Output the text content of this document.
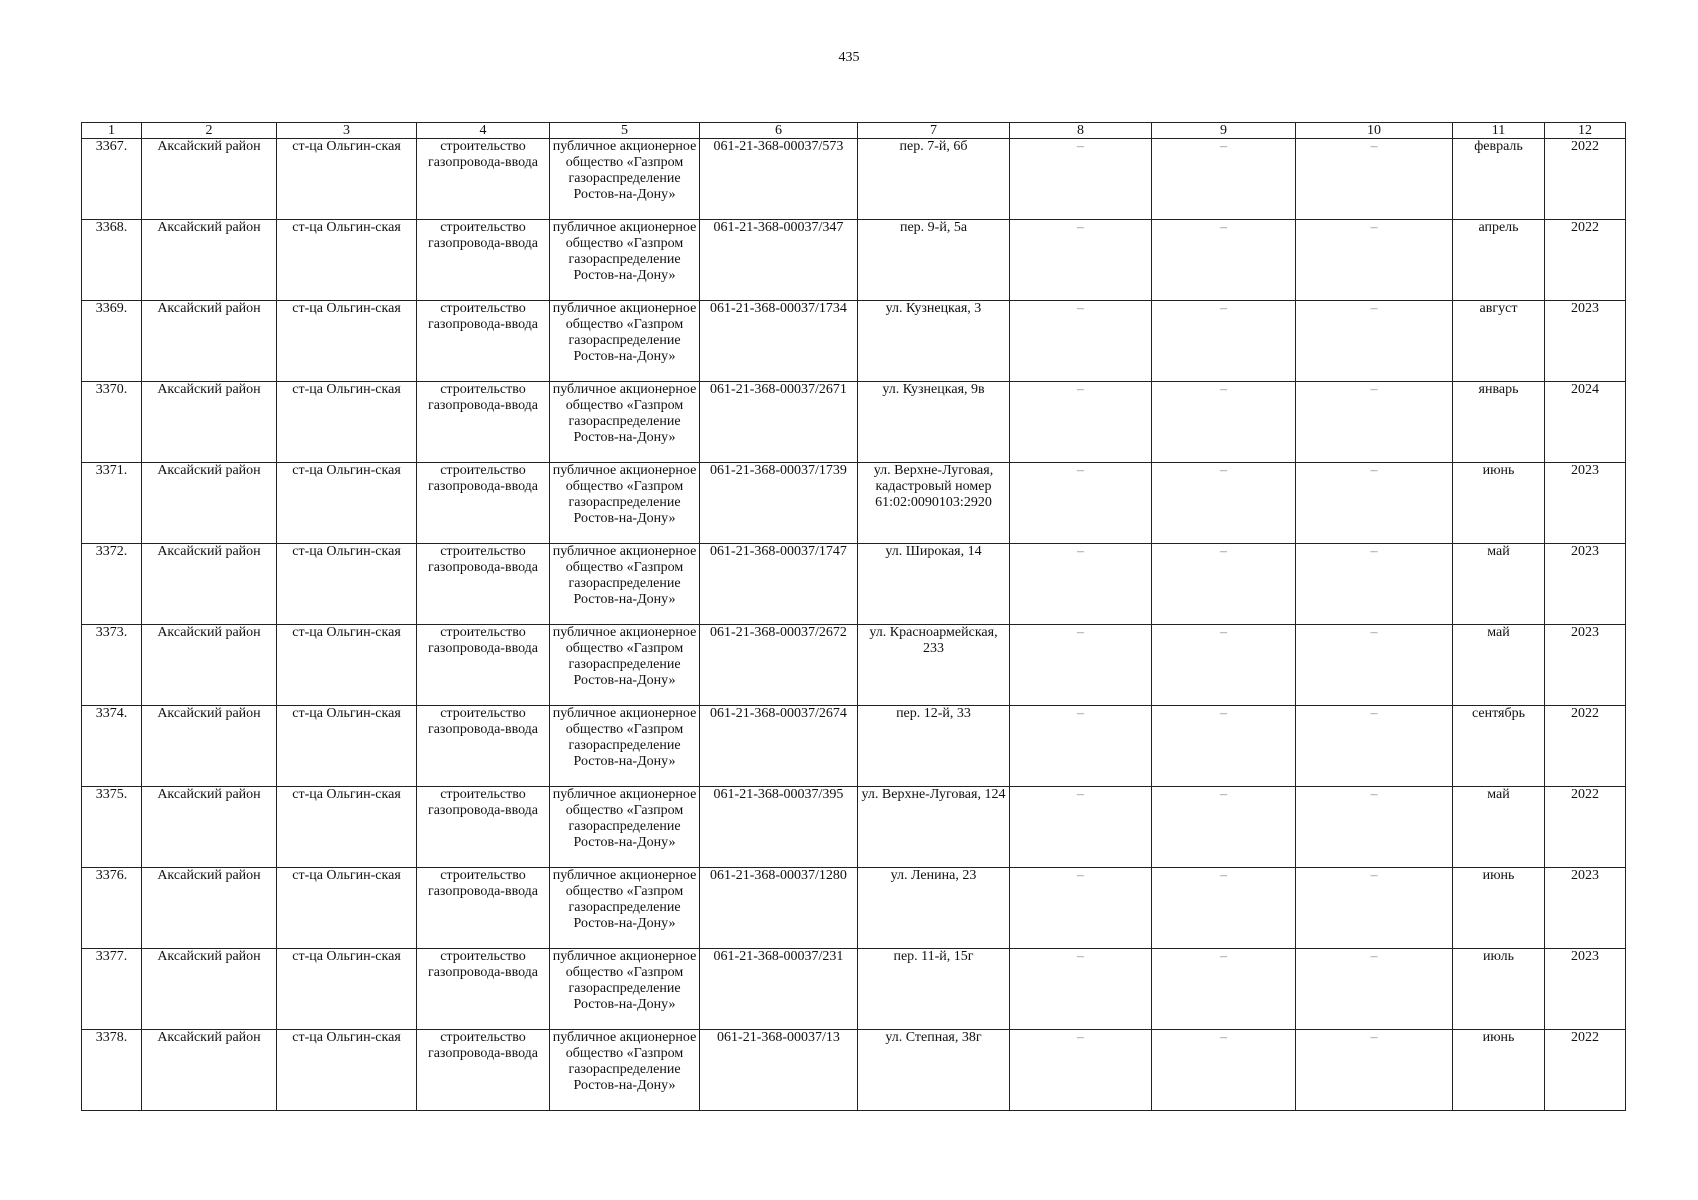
435
1	2	3	4	5	6	7	8	9	10	11	12
3367.	Аксайский район	ст-ца Ольгин-ская	строительство газопровода-ввода	публичное акционерное общество «Газпром газораспределение Ростов-на-Дону»	061-21-368-00037/573	пер. 7-й, 6б	–	–	–	февраль	2022
3368.	Аксайский район	ст-ца Ольгин-ская	строительство газопровода-ввода	публичное акционерное общество «Газпром газораспределение Ростов-на-Дону»	061-21-368-00037/347	пер. 9-й, 5а	–	–	–	апрель	2022
3369.	Аксайский район	ст-ца Ольгин-ская	строительство газопровода-ввода	публичное акционерное общество «Газпром газораспределение Ростов-на-Дону»	061-21-368-00037/1734	ул. Кузнецкая, 3	–	–	–	август	2023
3370.	Аксайский район	ст-ца Ольгин-ская	строительство газопровода-ввода	публичное акционерное общество «Газпром газораспределение Ростов-на-Дону»	061-21-368-00037/2671	ул. Кузнецкая, 9в	–	–	–	январь	2024
3371.	Аксайский район	ст-ца Ольгин-ская	строительство газопровода-ввода	публичное акционерное общество «Газпром газораспределение Ростов-на-Дону»	061-21-368-00037/1739	ул. Верхне-Луговая, кадастровый номер 61:02:0090103:2920	–	–	–	июнь	2023
3372.	Аксайский район	ст-ца Ольгин-ская	строительство газопровода-ввода	публичное акционерное общество «Газпром газораспределение Ростов-на-Дону»	061-21-368-00037/1747	ул. Широкая, 14	–	–	–	май	2023
3373.	Аксайский район	ст-ца Ольгин-ская	строительство газопровода-ввода	публичное акционерное общество «Газпром газораспределение Ростов-на-Дону»	061-21-368-00037/2672	ул. Красноармейская, 233	–	–	–	май	2023
3374.	Аксайский район	ст-ца Ольгин-ская	строительство газопровода-ввода	публичное акционерное общество «Газпром газораспределение Ростов-на-Дону»	061-21-368-00037/2674	пер. 12-й, 33	–	–	–	сентябрь	2022
3375.	Аксайский район	ст-ца Ольгин-ская	строительство газопровода-ввода	публичное акционерное общество «Газпром газораспределение Ростов-на-Дону»	061-21-368-00037/395	ул. Верхне-Луговая, 124	–	–	–	май	2022
3376.	Аксайский район	ст-ца Ольгин-ская	строительство газопровода-ввода	публичное акционерное общество «Газпром газораспределение Ростов-на-Дону»	061-21-368-00037/1280	ул. Ленина, 23	–	–	–	июнь	2023
3377.	Аксайский район	ст-ца Ольгин-ская	строительство газопровода-ввода	публичное акционерное общество «Газпром газораспределение Ростов-на-Дону»	061-21-368-00037/231	пер. 11-й, 15г	–	–	–	июль	2023
3378.	Аксайский район	ст-ца Ольгин-ская	строительство газопровода-ввода	публичное акционерное общество «Газпром газораспределение Ростов-на-Дону»	061-21-368-00037/13	ул. Степная, 38г	–	–	–	июнь	2022
